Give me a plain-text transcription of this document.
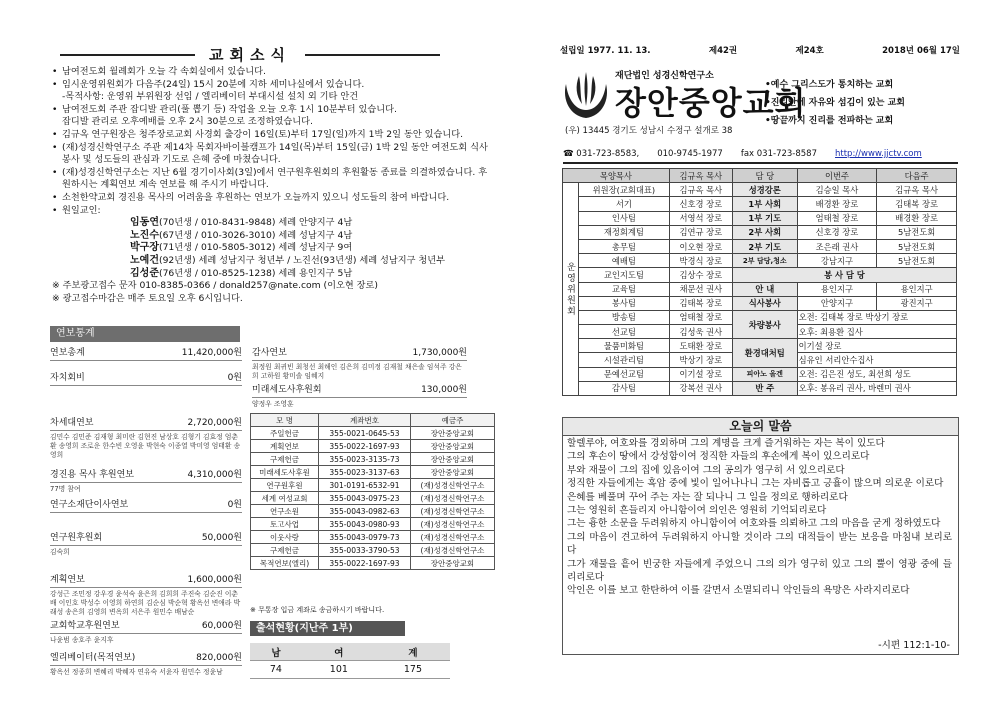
교회소식
• 남여전도회 월례회가 오늘 각 속회실에서 있습니다.
• 임시운영위원회가 다음주(24일) 15시 20분에 지하 세미나실에서 있습니다.
-목적사항: 운영위 부위원장 선임 / 엘리베이터 부대시설 설치 외 기타 안건
• 남여전도회 주관 잡디발 관리(풀 뽑기 등) 작업을 오늘 오후 1시 10분부터 있습니다.
잡디발 관리로 오후예배를 오후 2시 30분으로 조정하였습니다.
• 김규옥 연구원장은 청주장로교회 사경회 출강이 16일(토)부터 17일(일)까지 1박 2일 동안 있습니다.
• (재)성경신학연구소 주관 제14차 목회자바이블캠프가 14일(목)부터 15일(금) 1박 2일 동안 여전도회 식사봉사 및 성도들의 관심과 기도로 은혜 중에 마쳤습니다.
• (재)성경신학연구소는 지난 6월 경기이사회(3일)에서 연구원후원회의 후원활동 종료를 의결하였습니다. 후원하시는 계획연보 계속 연보를 해 주시기 바랍니다.
• 소천한약교회 경진용 목사의 어려움을 후원하는 연보가 오늘까지 있으니 성도들의 참여 바랍니다.
• 원일교인:
임동연(70년생 / 010-8431-9848) 세례 안양지구 4남
노진수(67년생 / 010-3026-3010) 세례 성남지구 4남
박구장(71년생 / 010-5805-3012) 세례 성남지구 9여
노예건(92년생) 세례 성남지구 청년부 / 노진선(93년생) 세례 성남지구 청년부
김성준(76년생 / 010-8525-1238) 세례 용인지구 5남
※ 주보광고접수 문자 010-8385-0366 / donald257@nate.com (이오현 장로)
※ 광고접수마감은 매주 토요일 오후 6시입니다.
연보통계
연보총계	11,420,000원
자치회비	0원
차세대연보	2,720,000원
김민수 김민준 김재형 최미란 김현진 남상호 김형기 김효정 엄춘환 송영희 조로운 한수빈 오영윤 박현숙 이종열 박미영 엄태환 송영희
경진용 목사 후원연보	4,310,000원
77명 참여
연구소재단이사연보	0원
연구원후원회	50,000원
김숙희
계획연보	1,600,000원
강성근 조민정 강우경 윤석숙 윤은희 김희희 주진숙 김순진 이춘배 이인호 박성수 이영희 하연희 김순심 박순혁 황옥선 변애라 박래성 송은희 김영희 변옥희 서은주 원민수 배남순
교회학교후원연보	60,000원
나윤범 송호주 윤지후
엘리베이터(목적연보)	820,000원
황옥선 정종희 변혜리 박혜자 연유숙 서윤자 원민수 정윤남
감사연보	1,730,000원
최정원 최귀빈 최청선 최해인 김은희 김미정 김재철 채은솔 임석주 강은희 고하원 황미솔 임혜지
미래세도사후원회	130,000원
양정우 조영훈
모 명	계좌번호	예금주
주일헌금	355-0021-0645-53	장안중앙교회
계획연보	355-0022-1697-93	장안중앙교회
구제헌금	355-0023-3135-73	장안중앙교회
미래세도사후원	355-0023-3137-63	장안중앙교회
연구원후원	301-0191-6532-91	(재)성경신학연구소
세계 여성교회	355-0043-0975-23	(재)성경신학연구소
연구소원	355-0043-0982-63	(재)성경신학연구소
토고사업	355-0043-0980-93	(재)성경신학연구소
이웃사랑	355-0043-0979-73	(재)성경신학연구소
구제헌금	355-0033-3790-53	(재)성경신학연구소
목적연보(엘리)	355-0022-1697-93	장안중앙교회
※ 무통장 입금 계좌로 송금하시기 바랍니다.
출석현황(지난주 1부)
남	여	계
74	101	175
설립일 1977. 11. 13.	제42권	제24호	2018년 06월 17일
재단법인 성경신학연구소
장안중앙교회
•예수 그리스도가 통치하는 교회
•진리안에 자유와 섬김이 있는 교회
•땅끝까지 진리를 전파하는 교회
(우) 13445 경기도 성남시 수정구 설개로 38
☎ 031-723-8583, 010-9745-1977 fax 031-723-8587 http://www.jjctv.com
목양목사		김규옥 목사	담 당	이번주	다음주
운영위원회	위원장(교회대표)	김규옥 목사	성경강론	김승일 목사	김규옥 목사
	서기	신호경 장로	1부 사회	배경환 장로	김태복 장로
	인사팀	서영석 장로	1부 기도	엄태철 장로	배경환 장로
	재정회계팀	김연규 장로	2부 사회	신호경 장로	5남전도회
	총무팀	이오현 장로	2부 기도	조은래 권사	5남전도회
	예배팀	박경식 장로	2부 담당,청소	강남지구	5남전도회
	교인지도팀	김상수 장로	봉 사 담 당		
	교육팀	채문선 권사	안 내	용인지구	용인지구
	봉사팀	김태복 장로	식사봉사	안양지구	광진지구
	방송팀	엄태철 장로	차량봉사	오전: 김태복 장로 박상기 장로	
	선교팀	김성욱 권사		오후: 최용환 집사	
	물품미화팀	도태환 장로	환경대처팀	이기설 장로	
	시설관리팀	박상기 장로		심유인 서리안수집사	
	문예선교팀	이기설 장로	피아노 올겐	오전: 김은진 성도, 최선희 성도	
	감사팀	강복선 권사	반 주	오후: 봉유리 권사, 바렌미 권사	
오늘의 말씀
할렐루야, 여호와를 경외하며 그의 계명을 크게 즐거워하는 자는 복이 있도다
그의 후손이 땅에서 강성함이여 정직한 자들의 후손에게 복이 있으리로다
부와 재물이 그의 집에 있음이여 그의 공의가 영구히 서 있으리로다
정직한 자들에게는 흑암 중에 빛이 일어나나니 그는 자비롭고 긍휼이 많으며 의로운 이로다
은혜를 베풀며 꾸어 주는 자는 잘 되나니 그 일을 정의로 행하리로다
그는 영원히 흔들리지 아니함이여 의인은 영원히 기억되리로다
그는 흉한 소문을 두려워하지 아니함이여 여호와를 의뢰하고 그의 마음을 굳게 정하였도다
그의 마음이 견고하여 두려워하지 아니할 것이라 그의 대적들이 받는 보응을 마침내 보리로다
그가 재물을 흩어 빈궁한 자들에게 주었으니 그의 의가 영구히 있고 그의 뿔이 영광 중에 들리리로다
악인은 이를 보고 한탄하여 이를 갈면서 소멸되리니 악인들의 욕망은 사라지리로다
-시편 112:1-10-
